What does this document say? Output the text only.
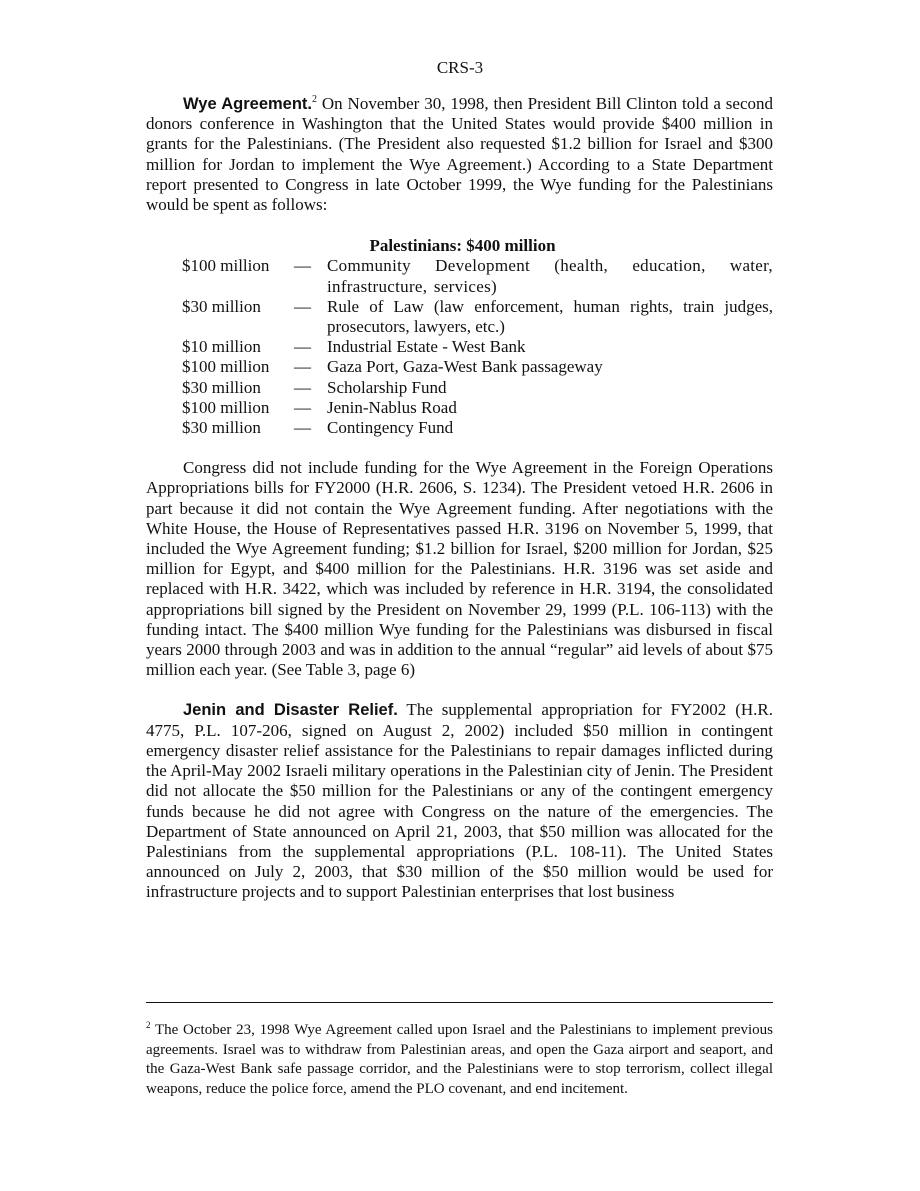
CRS-3

Wye Agreement.$^2$ On November 30, 1998, then President Bill Clinton told a second donors conference in Washington that the United States would provide $400 million in grants for the Palestinians. (The President also requested $1.2 billion for Israel and $300 million for Jordan to implement the Wye Agreement.) According to a State Department report presented to Congress in late October 1999, the Wye funding for the Palestinians would be spent as follows:

Palestinians: $400 million
$100 million	— Community Development (health, education, water, infrastructure, services)
$30 million	— Rule of Law (law enforcement, human rights, train judges, prosecutors, lawyers, etc.)
$10 million	— Industrial Estate - West Bank
$100 million	— Gaza Port, Gaza-West Bank passageway
$30 million	— Scholarship Fund
$100 million	— Jenin-Nablus Road
$30 million	— Contingency Fund

Congress did not include funding for the Wye Agreement in the Foreign Operations Appropriations bills for FY2000 (H.R. 2606, S. 1234). The President vetoed H.R. 2606 in part because it did not contain the Wye Agreement funding. After negotiations with the White House, the House of Representatives passed H.R. 3196 on November 5, 1999, that included the Wye Agreement funding; $1.2 billion for Israel, $200 million for Jordan, $25 million for Egypt, and $400 million for the Palestinians. H.R. 3196 was set aside and replaced with H.R. 3422, which was included by reference in H.R. 3194, the consolidated appropriations bill signed by the President on November 29, 1999 (P.L. 106-113) with the funding intact. The $400 million Wye funding for the Palestinians was disbursed in fiscal years 2000 through 2003 and was in addition to the annual “regular” aid levels of about $75 million each year. (See Table 3, page 6)

Jenin and Disaster Relief. The supplemental appropriation for FY2002 (H.R. 4775, P.L. 107-206, signed on August 2, 2002) included $50 million in contingent emergency disaster relief assistance for the Palestinians to repair damages inflicted during the April-May 2002 Israeli military operations in the Palestinian city of Jenin. The President did not allocate the $50 million for the Palestinians or any of the contingent emergency funds because he did not agree with Congress on the nature of the emergencies. The Department of State announced on April 21, 2003, that $50 million was allocated for the Palestinians from the supplemental appropriations (P.L. 108-11). The United States announced on July 2, 2003, that $30 million of the $50 million would be used for infrastructure projects and to support Palestinian enterprises that lost business

$^2$ The October 23, 1998 Wye Agreement called upon Israel and the Palestinians to implement previous agreements. Israel was to withdraw from Palestinian areas, and open the Gaza airport and seaport, and the Gaza-West Bank safe passage corridor, and the Palestinians were to stop terrorism, collect illegal weapons, reduce the police force, amend the PLO covenant, and end incitement.
